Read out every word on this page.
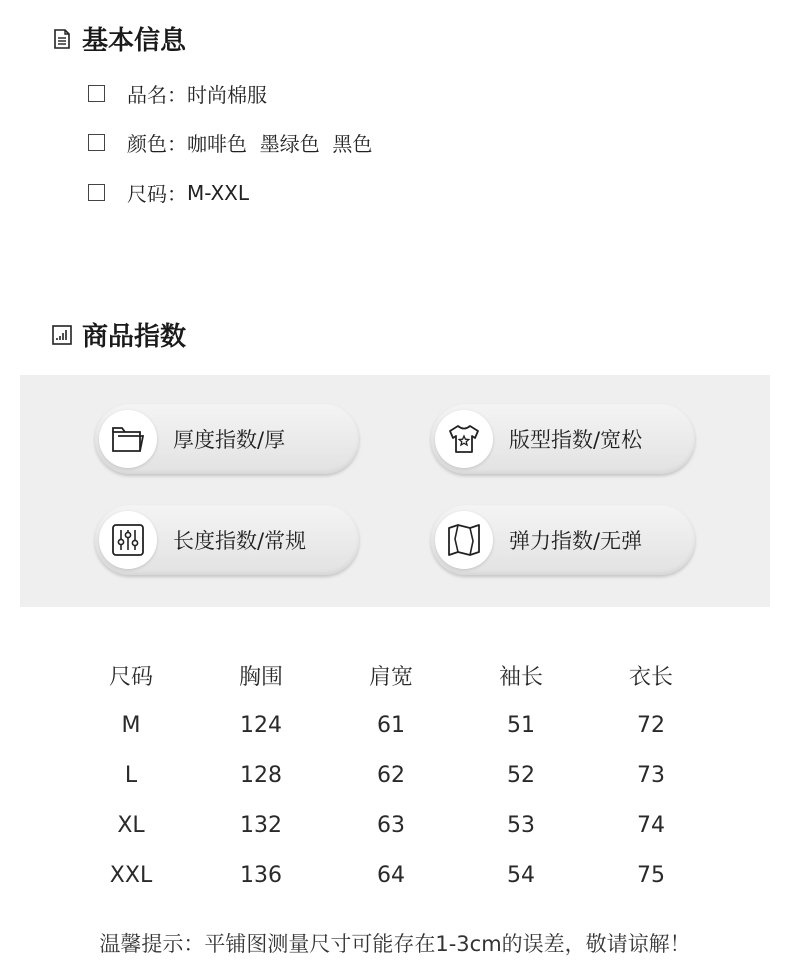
基本信息
品名： 时尚棉服
颜色： 咖啡色  墨绿色  黑色
尺码： M-XXL
商品指数
厚度指数/厚	版型指数/宽松
长度指数/常规	弹力指数/无弹
尺码	胸围	肩宽	袖长	衣长
M	124	61	51	72
L	128	62	52	73
XL	132	63	53	74
XXL	136	64	54	75
温馨提示：平铺图测量尺寸可能存在1-3cm的误差，敬请谅解！
